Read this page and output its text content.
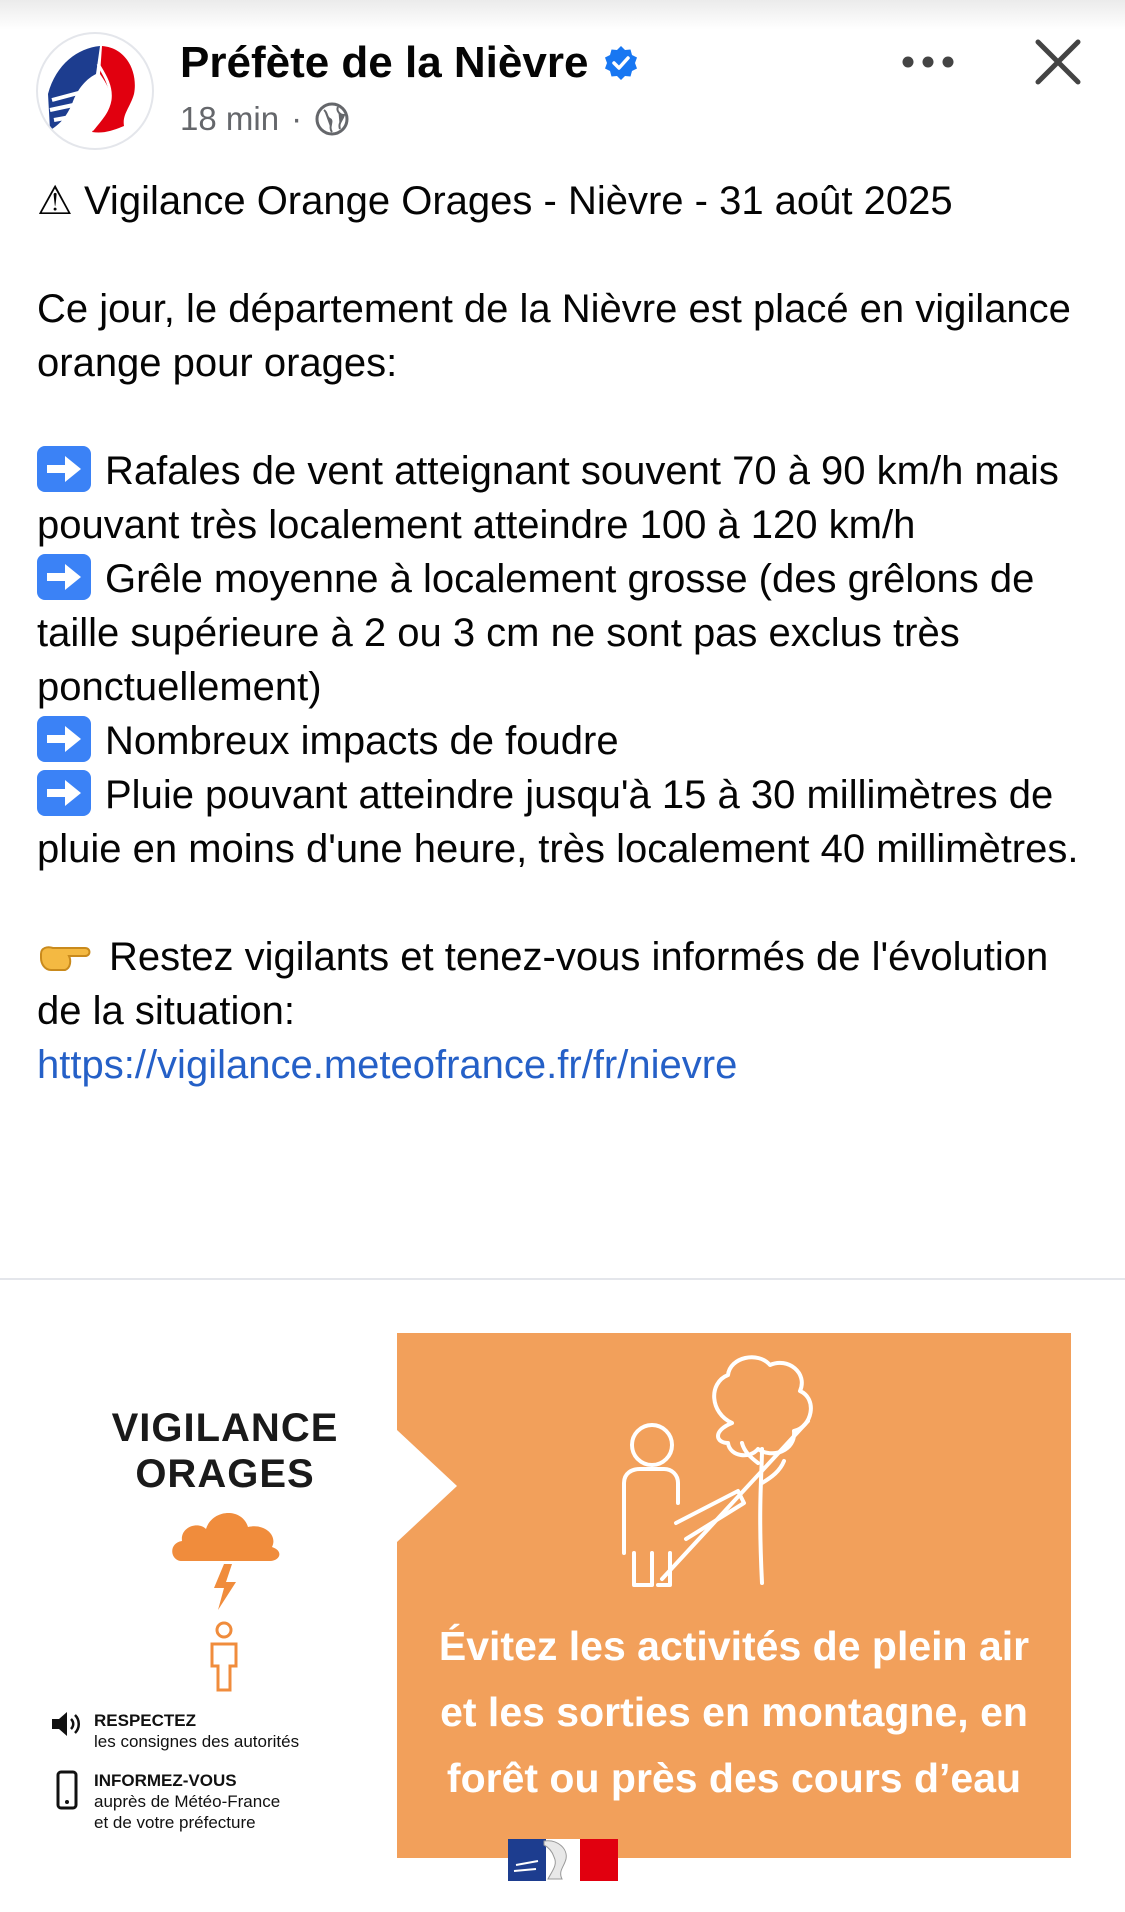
Préfète de la Nièvre
18 min ·

⚠ Vigilance Orange Orages - Nièvre - 31 août 2025

Ce jour, le département de la Nièvre est placé en vigilance orange pour orages:

Rafales de vent atteignant souvent 70 à 90 km/h mais pouvant très localement atteindre 100 à 120 km/h

Grêle moyenne à localement grosse (des grêlons de taille supérieure à 2 ou 3 cm ne sont pas exclus très ponctuellement)

Nombreux impacts de foudre

Pluie pouvant atteindre jusqu'à 15 à 30 millimètres de pluie en moins d'une heure, très localement 40 millimètres.

Restez vigilants et tenez-vous informés de l'évolution de la situation:

https://vigilance.meteofrance.fr/fr/nievre

VIGILANCE
ORAGES
RESPECTEZ
les consignes des autorités
INFORMEZ-VOUS
auprès de Météo-France
et de votre préfecture
Évitez les activités de plein air
et les sorties en montagne, en
forêt ou près des cours d’eau
